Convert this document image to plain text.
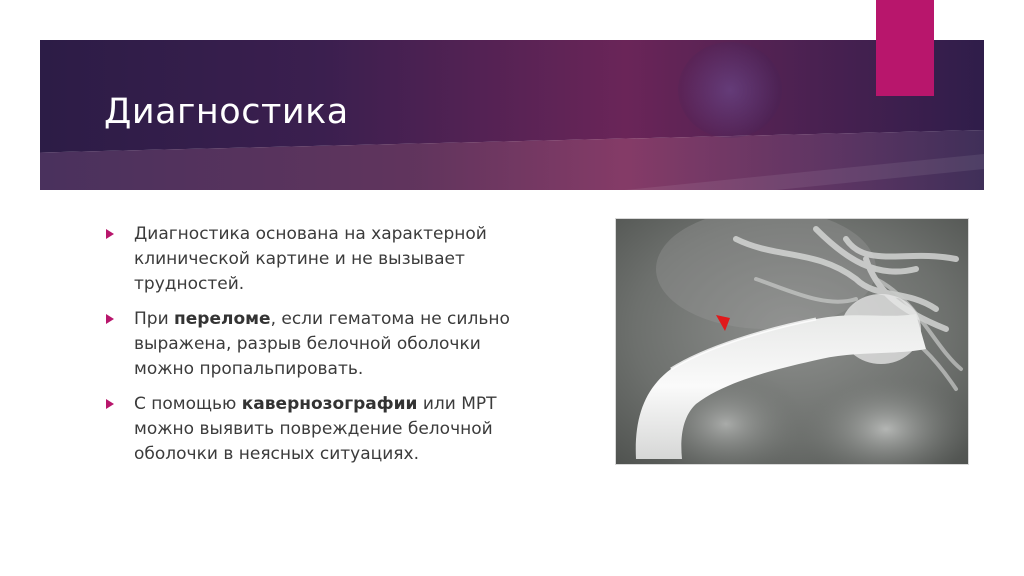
Диагностика
Диагностика основана на характерной клинической картине и не вызывает трудностей.
При переломе, если гематома не сильно выражена, разрыв белочной оболочки можно пропальпировать.
С помощью кавернозографии или МРТ можно выявить повреждение белочной оболочки в неясных ситуациях.
